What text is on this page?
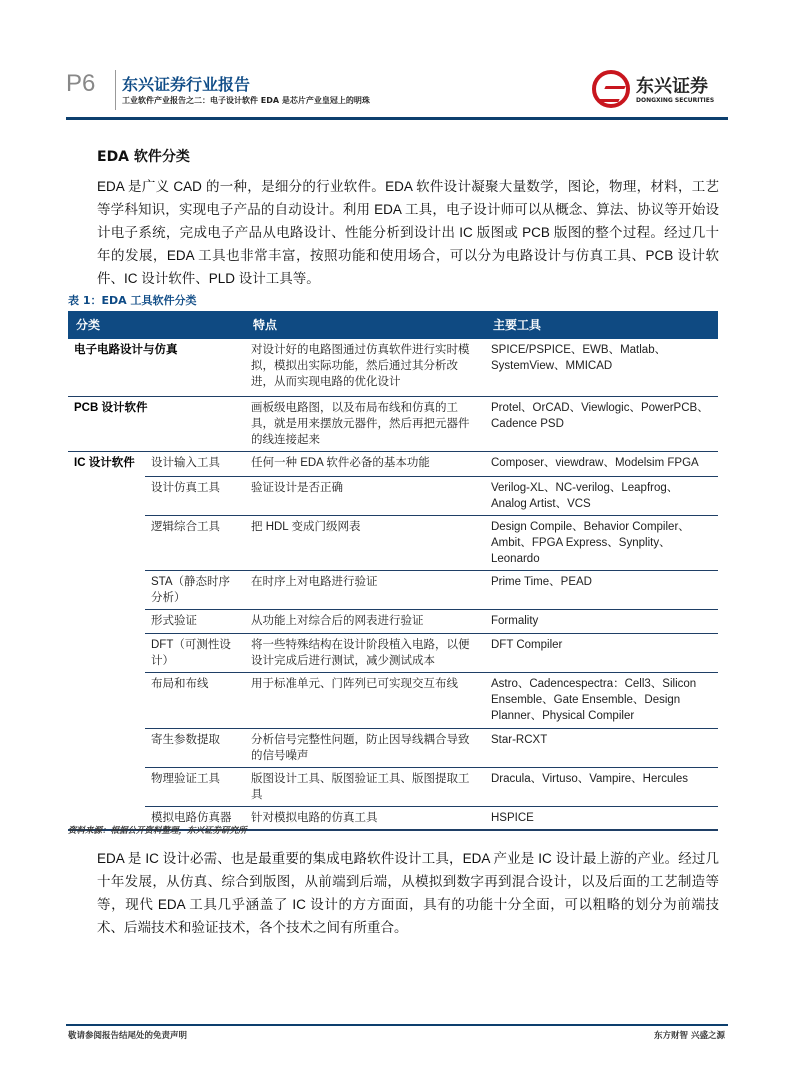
P6 东兴证券行业报告
工业软件产业报告之二：电子设计软件 EDA 是芯片产业皇冠上的明珠
东兴证券
DONGXING SECURITIES
EDA 软件分类
EDA 是广义 CAD 的一种，是细分的行业软件。EDA 软件设计凝聚大量数学，图论，物理，材料，工艺等学科知识，实现电子产品的自动设计。利用 EDA 工具，电子设计师可以从概念、算法、协议等开始设计电子系统，完成电子产品从电路设计、性能分析到设计出 IC 版图或 PCB 版图的整个过程。经过几十年的发展，EDA 工具也非常丰富，按照功能和使用场合，可以分为电路设计与仿真工具、PCB 设计软件、IC 设计软件、PLD 设计工具等。
表 1：EDA 工具软件分类
分类		特点	主要工具
电子电路设计与仿真		对设计好的电路图通过仿真软件进行实时模拟，模拟出实际功能，然后通过其分析改进，从而实现电路的优化设计	SPICE/PSPICE、EWB、Matlab、SystemView、MMICAD
PCB 设计软件		画板级电路图，以及布局布线和仿真的工具，就是用来摆放元器件，然后再把元器件的线连接起来	Protel、OrCAD、Viewlogic、PowerPCB、Cadence PSD
IC 设计软件	设计输入工具	任何一种 EDA 软件必备的基本功能	Composer、viewdraw、Modelsim FPGA
	设计仿真工具	验证设计是否正确	Verilog-XL、NC-verilog、Leapfrog、Analog Artist、VCS
	逻辑综合工具	把 HDL 变成门级网表	Design Compile、Behavior Compiler、Ambit、FPGA Express、Synplity、Leonardo
	STA（静态时序分析）	在时序上对电路进行验证	Prime Time、PEAD
	形式验证	从功能上对综合后的网表进行验证	Formality
	DFT（可测性设计）	将一些特殊结构在设计阶段植入电路，以便设计完成后进行测试，减少测试成本	DFT Compiler
	布局和布线	用于标准单元、门阵列已可实现交互布线	Astro、Cadencespectra：Cell3、Silicon Ensemble、Gate Ensemble、Design Planner、Physical Compiler
	寄生参数提取	分析信号完整性问题，防止因导线耦合导致的信号噪声	Star-RCXT
	物理验证工具	版图设计工具、版图验证工具、版图提取工具	Dracula、Virtuso、Vampire、Hercules
	模拟电路仿真器	针对模拟电路的仿真工具	HSPICE
资料来源：根据公开资料整理，东兴证券研究所
EDA 是 IC 设计必需、也是最重要的集成电路软件设计工具，EDA 产业是 IC 设计最上游的产业。经过几十年发展，从仿真、综合到版图，从前端到后端，从模拟到数字再到混合设计，以及后面的工艺制造等等，现代 EDA 工具几乎涵盖了 IC 设计的方方面面，具有的功能十分全面，可以粗略的划分为前端技术、后端技术和验证技术，各个技术之间有所重合。
敬请参阅报告结尾处的免责声明	东方财智 兴盛之源
